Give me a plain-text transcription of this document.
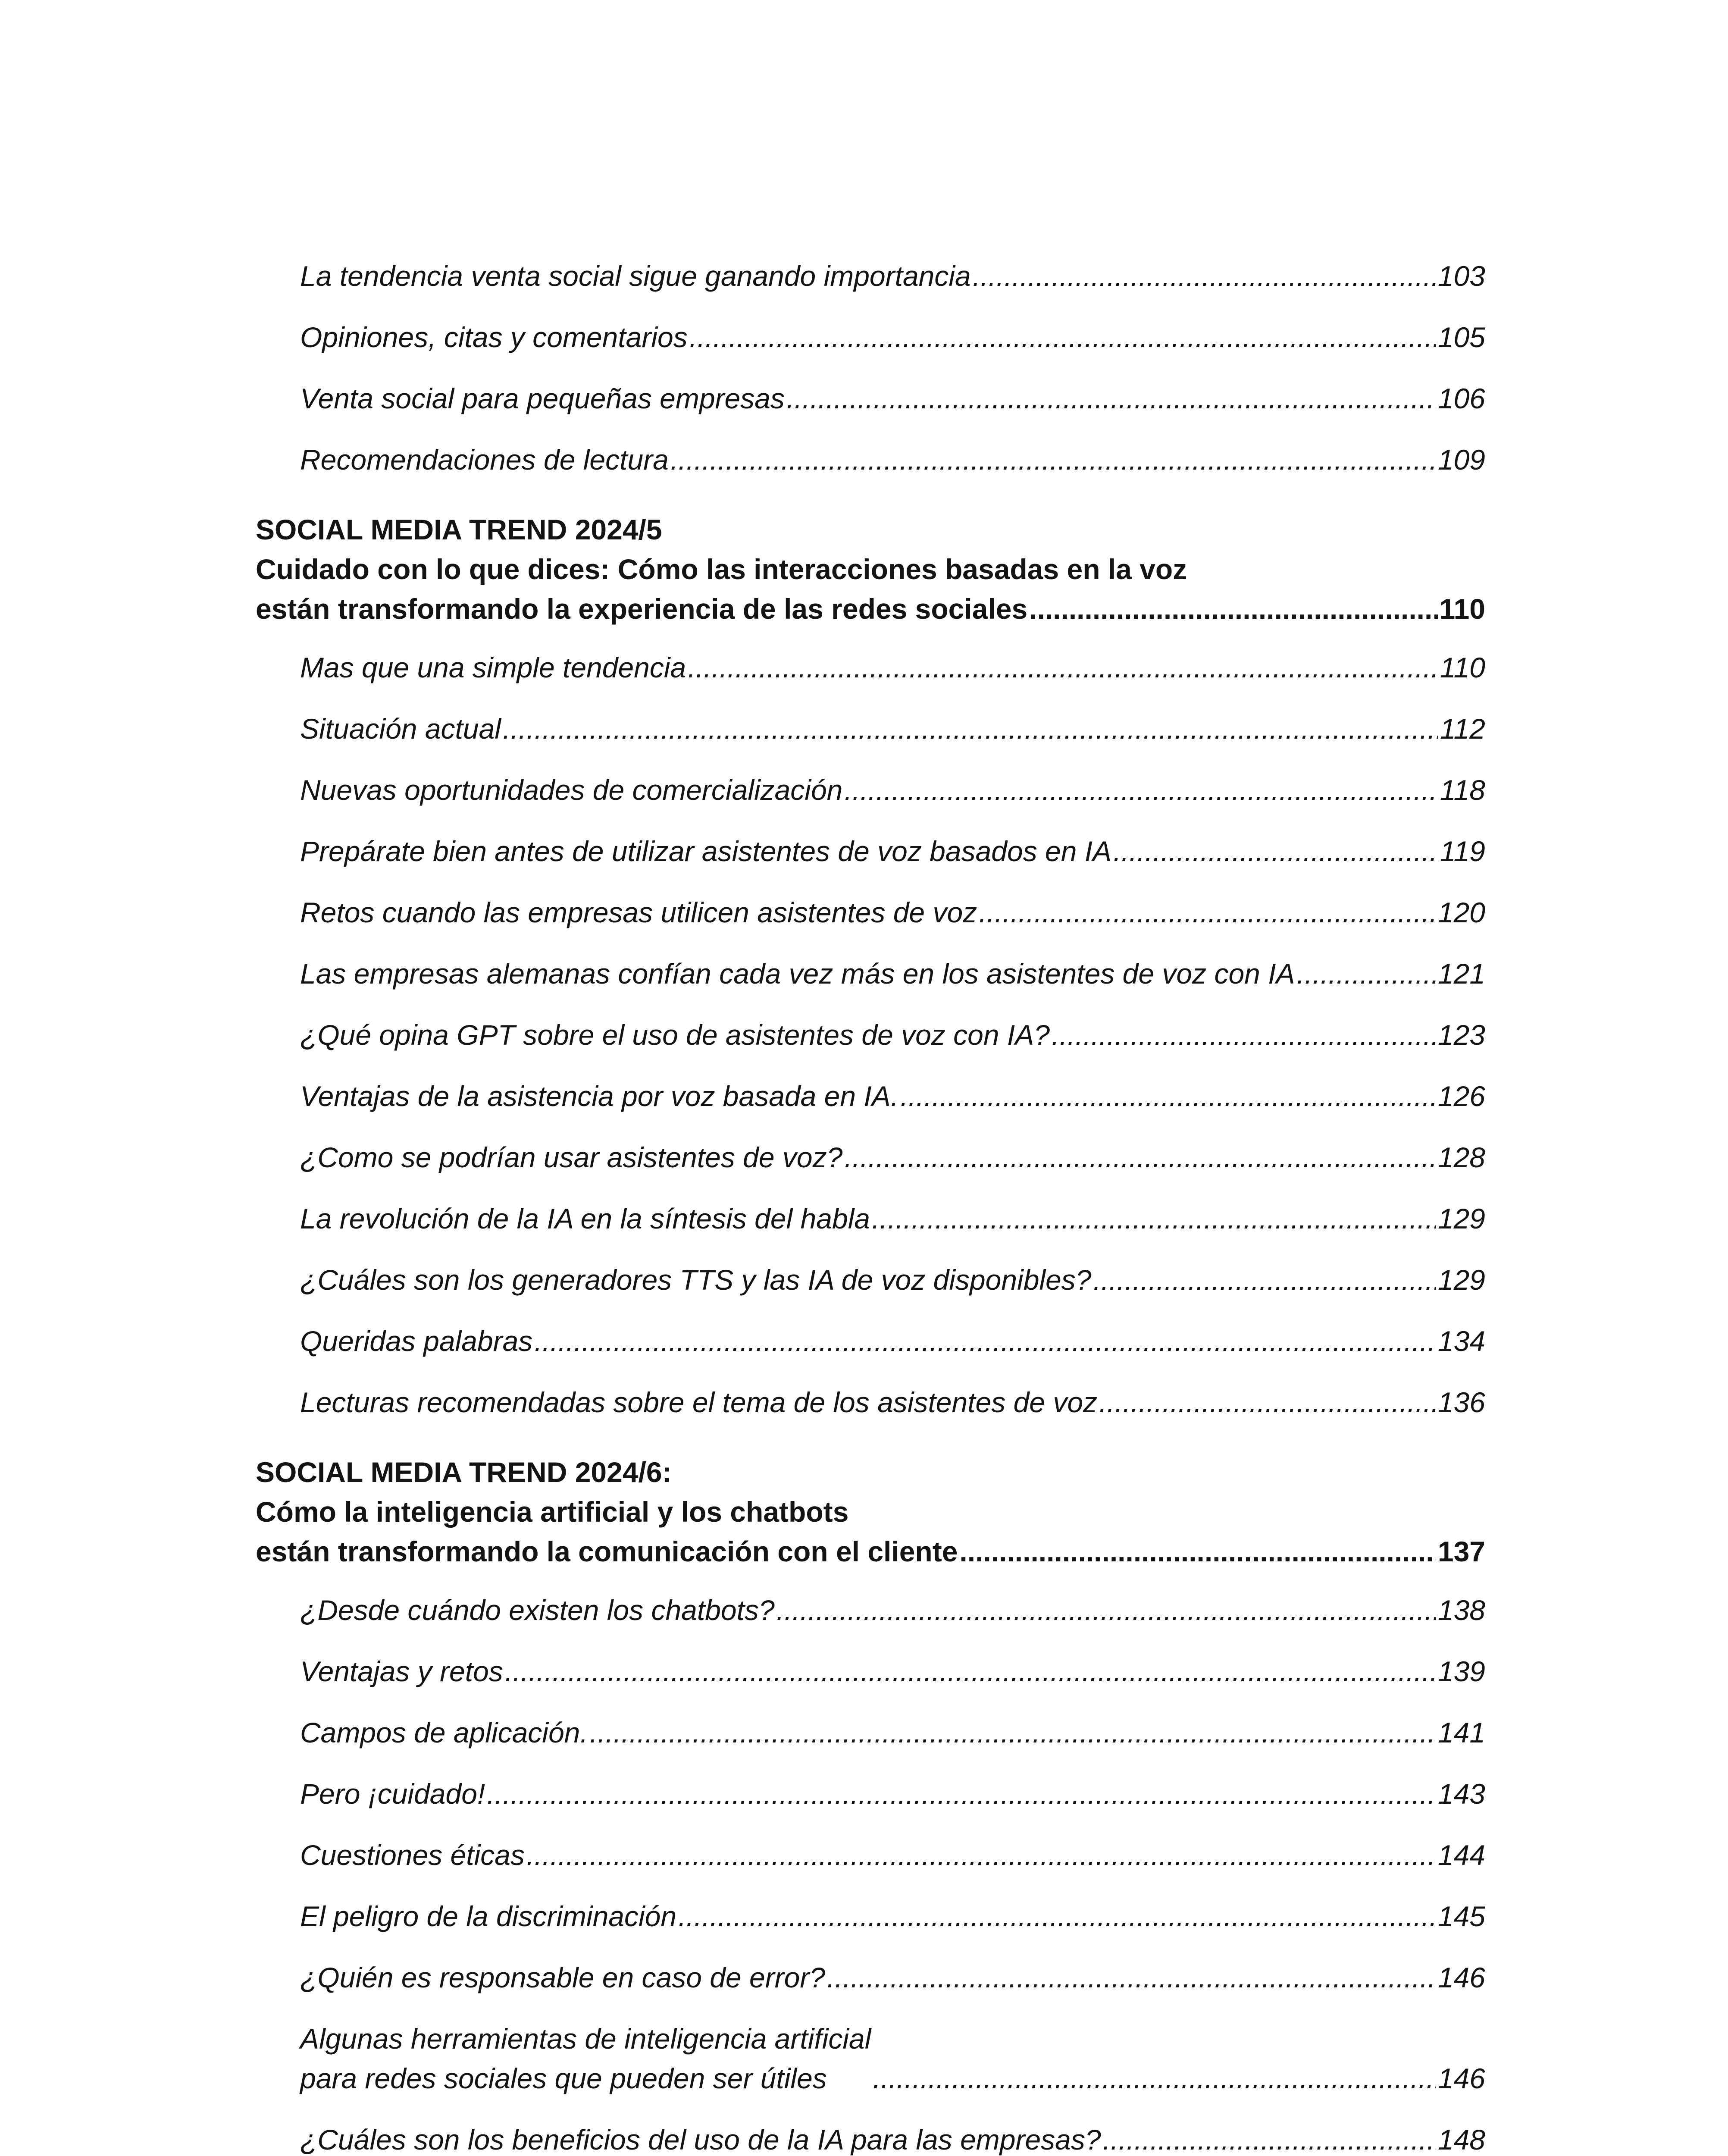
La tendencia venta social sigue ganando importancia .....	103
Opiniones, citas y comentarios .....	105
Venta social para pequeñas empresas .....	106
Recomendaciones de lectura .....	109
SOCIAL MEDIA TREND 2024/5
Cuidado con lo que dices: Cómo las interacciones basadas en la voz
están transformando la experiencia de las redes sociales .....	110
Mas que una simple tendencia .....	110
Situación actual .....	112
Nuevas oportunidades de comercialización .....	118
Prepárate bien antes de utilizar asistentes de voz basados en IA .....	119
Retos cuando las empresas utilicen asistentes de voz .....	120
Las empresas alemanas confían cada vez más en los asistentes de voz con IA .....	121
¿Qué opina GPT sobre el uso de asistentes de voz con IA? .....	123
Ventajas de la asistencia por voz basada en IA. .....	126
¿Como se podrían usar asistentes de voz? .....	128
La revolución de la IA en la síntesis del habla .....	129
¿Cuáles son los generadores TTS y las IA de voz disponibles? .....	129
Queridas palabras .....	134
Lecturas recomendadas sobre el tema de los asistentes de voz .....	136
SOCIAL MEDIA TREND 2024/6:
Cómo la inteligencia artificial y los chatbots
están transformando la comunicación con el cliente .....	137
¿Desde cuándo existen los chatbots? .....	138
Ventajas y retos .....	139
Campos de aplicación. .....	141
Pero ¡cuidado! .....	143
Cuestiones éticas .....	144
El peligro de la discriminación .....	145
¿Quién es responsable en caso de error? .....	146
Algunas herramientas de inteligencia artificial
para redes sociales que pueden ser útiles .....	146
¿Cuáles son los beneficios del uso de la IA para las empresas? .....	148
